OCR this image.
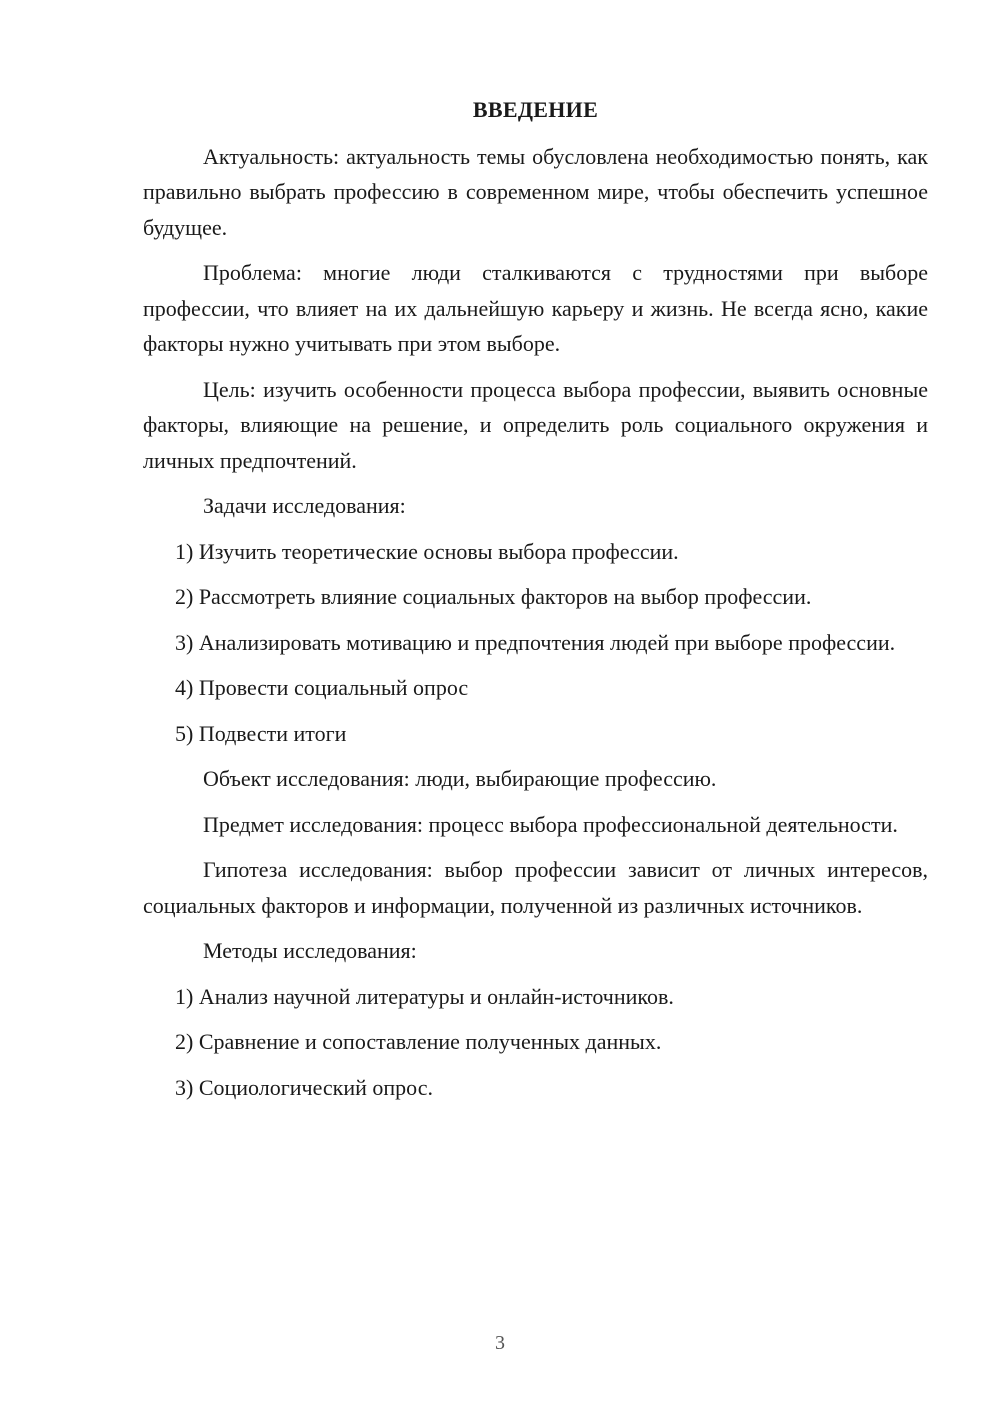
ВВЕДЕНИЕ
Актуальность: актуальность темы обусловлена необходимостью понять, как правильно выбрать профессию в современном мире, чтобы обеспечить успешное будущее.
Проблема: многие люди сталкиваются с трудностями при выборе профессии, что влияет на их дальнейшую карьеру и жизнь. Не всегда ясно, какие факторы нужно учитывать при этом выборе.
Цель: изучить особенности процесса выбора профессии, выявить основные факторы, влияющие на решение, и определить роль социального окружения и личных предпочтений.
Задачи исследования:
1) Изучить теоретические основы выбора профессии.
2) Рассмотреть влияние социальных факторов на выбор профессии.
3) Анализировать мотивацию и предпочтения людей при выборе профессии.
4) Провести социальный опрос
5) Подвести итоги
Объект исследования: люди, выбирающие профессию.
Предмет исследования: процесс выбора профессиональной деятельности.
Гипотеза исследования: выбор профессии зависит от личных интересов, социальных факторов и информации, полученной из различных источников.
Методы исследования:
1) Анализ научной литературы и онлайн-источников.
2) Сравнение и сопоставление полученных данных.
3) Социологический опрос.
3
